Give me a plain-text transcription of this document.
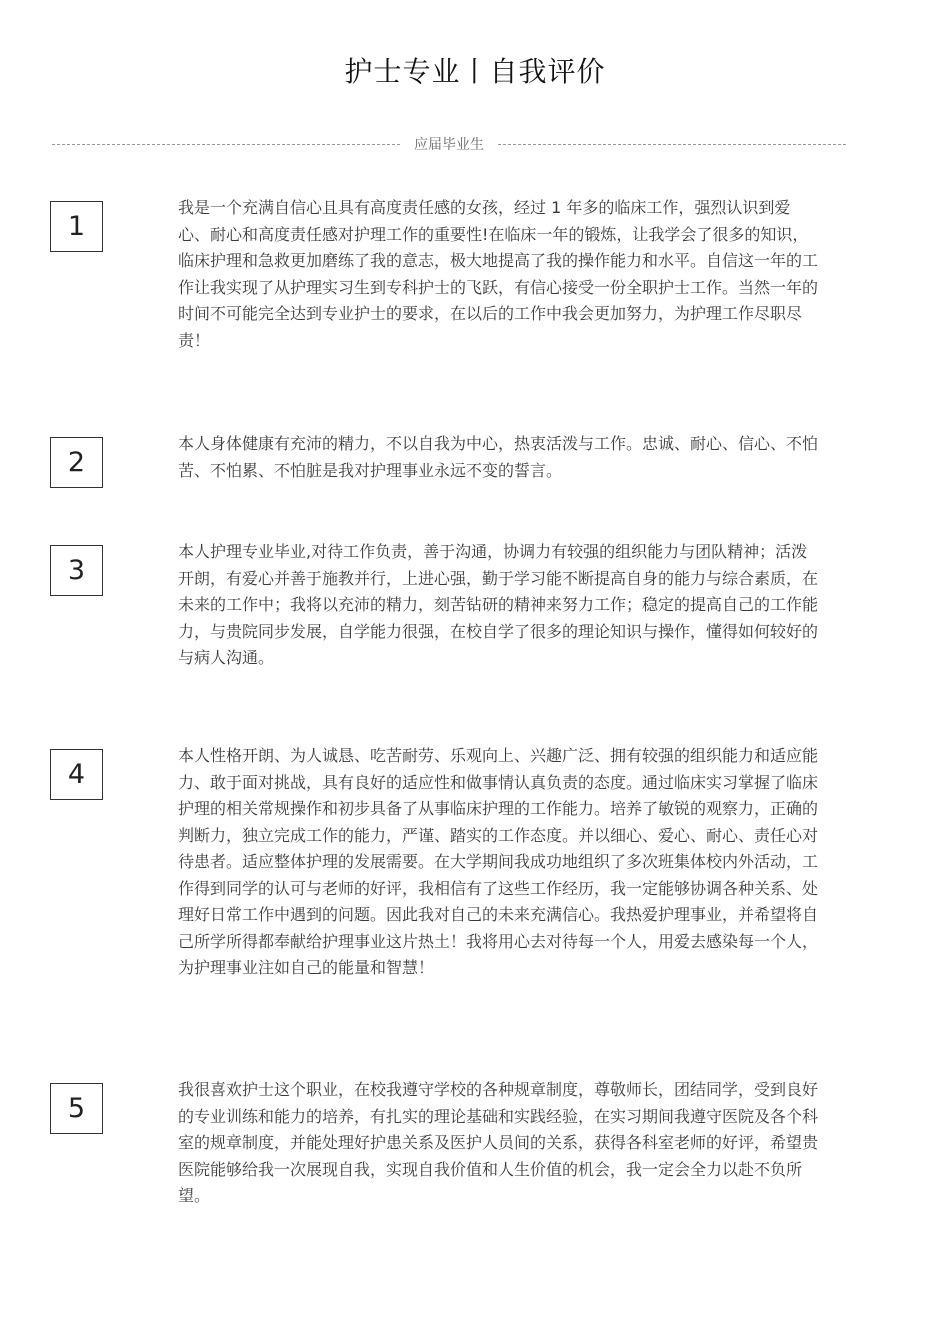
护士专业丨自我评价
应届毕业生
1
我是一个充满自信心且具有高度责任感的女孩，经过 1 年多的临床工作，强烈认识到爱心、耐心和高度责任感对护理工作的重要性!在临床一年的锻炼，让我学会了很多的知识，临床护理和急救更加磨练了我的意志，极大地提高了我的操作能力和水平。自信这一年的工作让我实现了从护理实习生到专科护士的飞跃，有信心接受一份全职护士工作。当然一年的时间不可能完全达到专业护士的要求，在以后的工作中我会更加努力，为护理工作尽职尽责！
2
本人身体健康有充沛的精力，不以自我为中心，热衷活泼与工作。忠诚、耐心、信心、不怕苦、不怕累、不怕脏是我对护理事业永远不变的誓言。
3
本人护理专业毕业,对待工作负责，善于沟通，协调力有较强的组织能力与团队精神；活泼开朗，有爱心并善于施教并行，上进心强，勤于学习能不断提高自身的能力与综合素质，在未来的工作中；我将以充沛的精力，刻苦钻研的精神来努力工作；稳定的提高自己的工作能力，与贵院同步发展，自学能力很强，在校自学了很多的理论知识与操作，懂得如何较好的与病人沟通。
4
本人性格开朗、为人诚恳、吃苦耐劳、乐观向上、兴趣广泛、拥有较强的组织能力和适应能力、敢于面对挑战，具有良好的适应性和做事情认真负责的态度。通过临床实习掌握了临床护理的相关常规操作和初步具备了从事临床护理的工作能力。培养了敏锐的观察力，正确的判断力，独立完成工作的能力，严谨、踏实的工作态度。并以细心、爱心、耐心、责任心对待患者。适应整体护理的发展需要。在大学期间我成功地组织了多次班集体校内外活动，工作得到同学的认可与老师的好评，我相信有了这些工作经历，我一定能够协调各种关系、处理好日常工作中遇到的问题。因此我对自己的未来充满信心。我热爱护理事业，并希望将自己所学所得都奉献给护理事业这片热土！我将用心去对待每一个人，用爱去感染每一个人，为护理事业注如自己的能量和智慧！
5
我很喜欢护士这个职业，在校我遵守学校的各种规章制度，尊敬师长，团结同学，受到良好的专业训练和能力的培养，有扎实的理论基础和实践经验，在实习期间我遵守医院及各个科室的规章制度，并能处理好护患关系及医护人员间的关系，获得各科室老师的好评，希望贵医院能够给我一次展现自我，实现自我价值和人生价值的机会，我一定会全力以赴不负所望。
